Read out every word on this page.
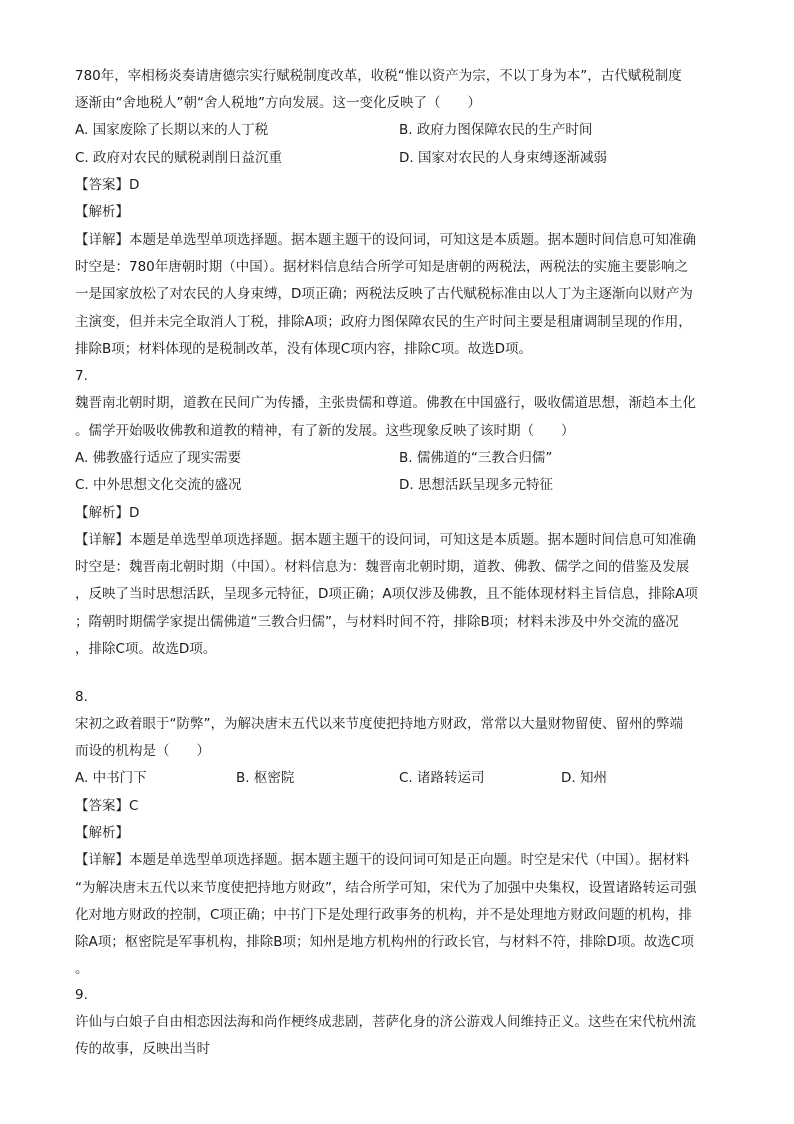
780年，宰相杨炎奏请唐德宗实行赋税制度改革，收税“惟以资产为宗，不以丁身为本”，古代赋税制度
逐渐由“舍地税人”朝“舍人税地”方向发展。这一变化反映了（　　）
A. 国家废除了长期以来的人丁税	B. 政府力图保障农民的生产时间
C. 政府对农民的赋税剥削日益沉重	D. 国家对农民的人身束缚逐渐减弱
【答案】D
【解析】
【详解】本题是单选型单项选择题。据本题主题干的设问词，可知这是本质题。据本题时间信息可知准确
时空是：780年唐朝时期（中国）。据材料信息结合所学可知是唐朝的两税法，两税法的实施主要影响之
一是国家放松了对农民的人身束缚，D项正确；两税法反映了古代赋税标准由以人丁为主逐渐向以财产为
主演变，但并未完全取消人丁税，排除A项；政府力图保障农民的生产时间主要是租庸调制呈现的作用，
排除B项；材料体现的是税制改革，没有体现C项内容，排除C项。故选D项。
7.
魏晋南北朝时期，道教在民间广为传播，主张贵儒和尊道。佛教在中国盛行，吸收儒道思想，渐趋本土化
。儒学开始吸收佛教和道教的精神，有了新的发展。这些现象反映了该时期（　　）
A. 佛教盛行适应了现实需要	B. 儒佛道的“三教合归儒”
C. 中外思想文化交流的盛况	D. 思想活跃呈现多元特征
【解析】D
【详解】本题是单选型单项选择题。据本题主题干的设问词，可知这是本质题。据本题时间信息可知准确
时空是：魏晋南北朝时期（中国）。材料信息为：魏晋南北朝时期，道教、佛教、儒学之间的借鉴及发展
，反映了当时思想活跃，呈现多元特征，D项正确；A项仅涉及佛教，且不能体现材料主旨信息，排除A项
；隋朝时期儒学家提出儒佛道“三教合归儒”，与材料时间不符，排除B项；材料未涉及中外交流的盛况
，排除C项。故选D项。
8.
宋初之政着眼于“防弊”，为解决唐末五代以来节度使把持地方财政，常常以大量财物留使、留州的弊端
而设的机构是（　　）
A. 中书门下	B. 枢密院	C. 诸路转运司	D. 知州
【答案】C
【解析】
【详解】本题是单选型单项选择题。据本题主题干的设问词可知是正向题。时空是宋代（中国）。据材料
“为解决唐末五代以来节度使把持地方财政”，结合所学可知，宋代为了加强中央集权，设置诸路转运司强
化对地方财政的控制，C项正确；中书门下是处理行政事务的机构，并不是处理地方财政问题的机构，排
除A项；枢密院是军事机构，排除B项；知州是地方机构州的行政长官，与材料不符，排除D项。故选C项
。
9.
许仙与白娘子自由相恋因法海和尚作梗终成悲剧，菩萨化身的济公游戏人间维持正义。这些在宋代杭州流
传的故事，反映出当时
